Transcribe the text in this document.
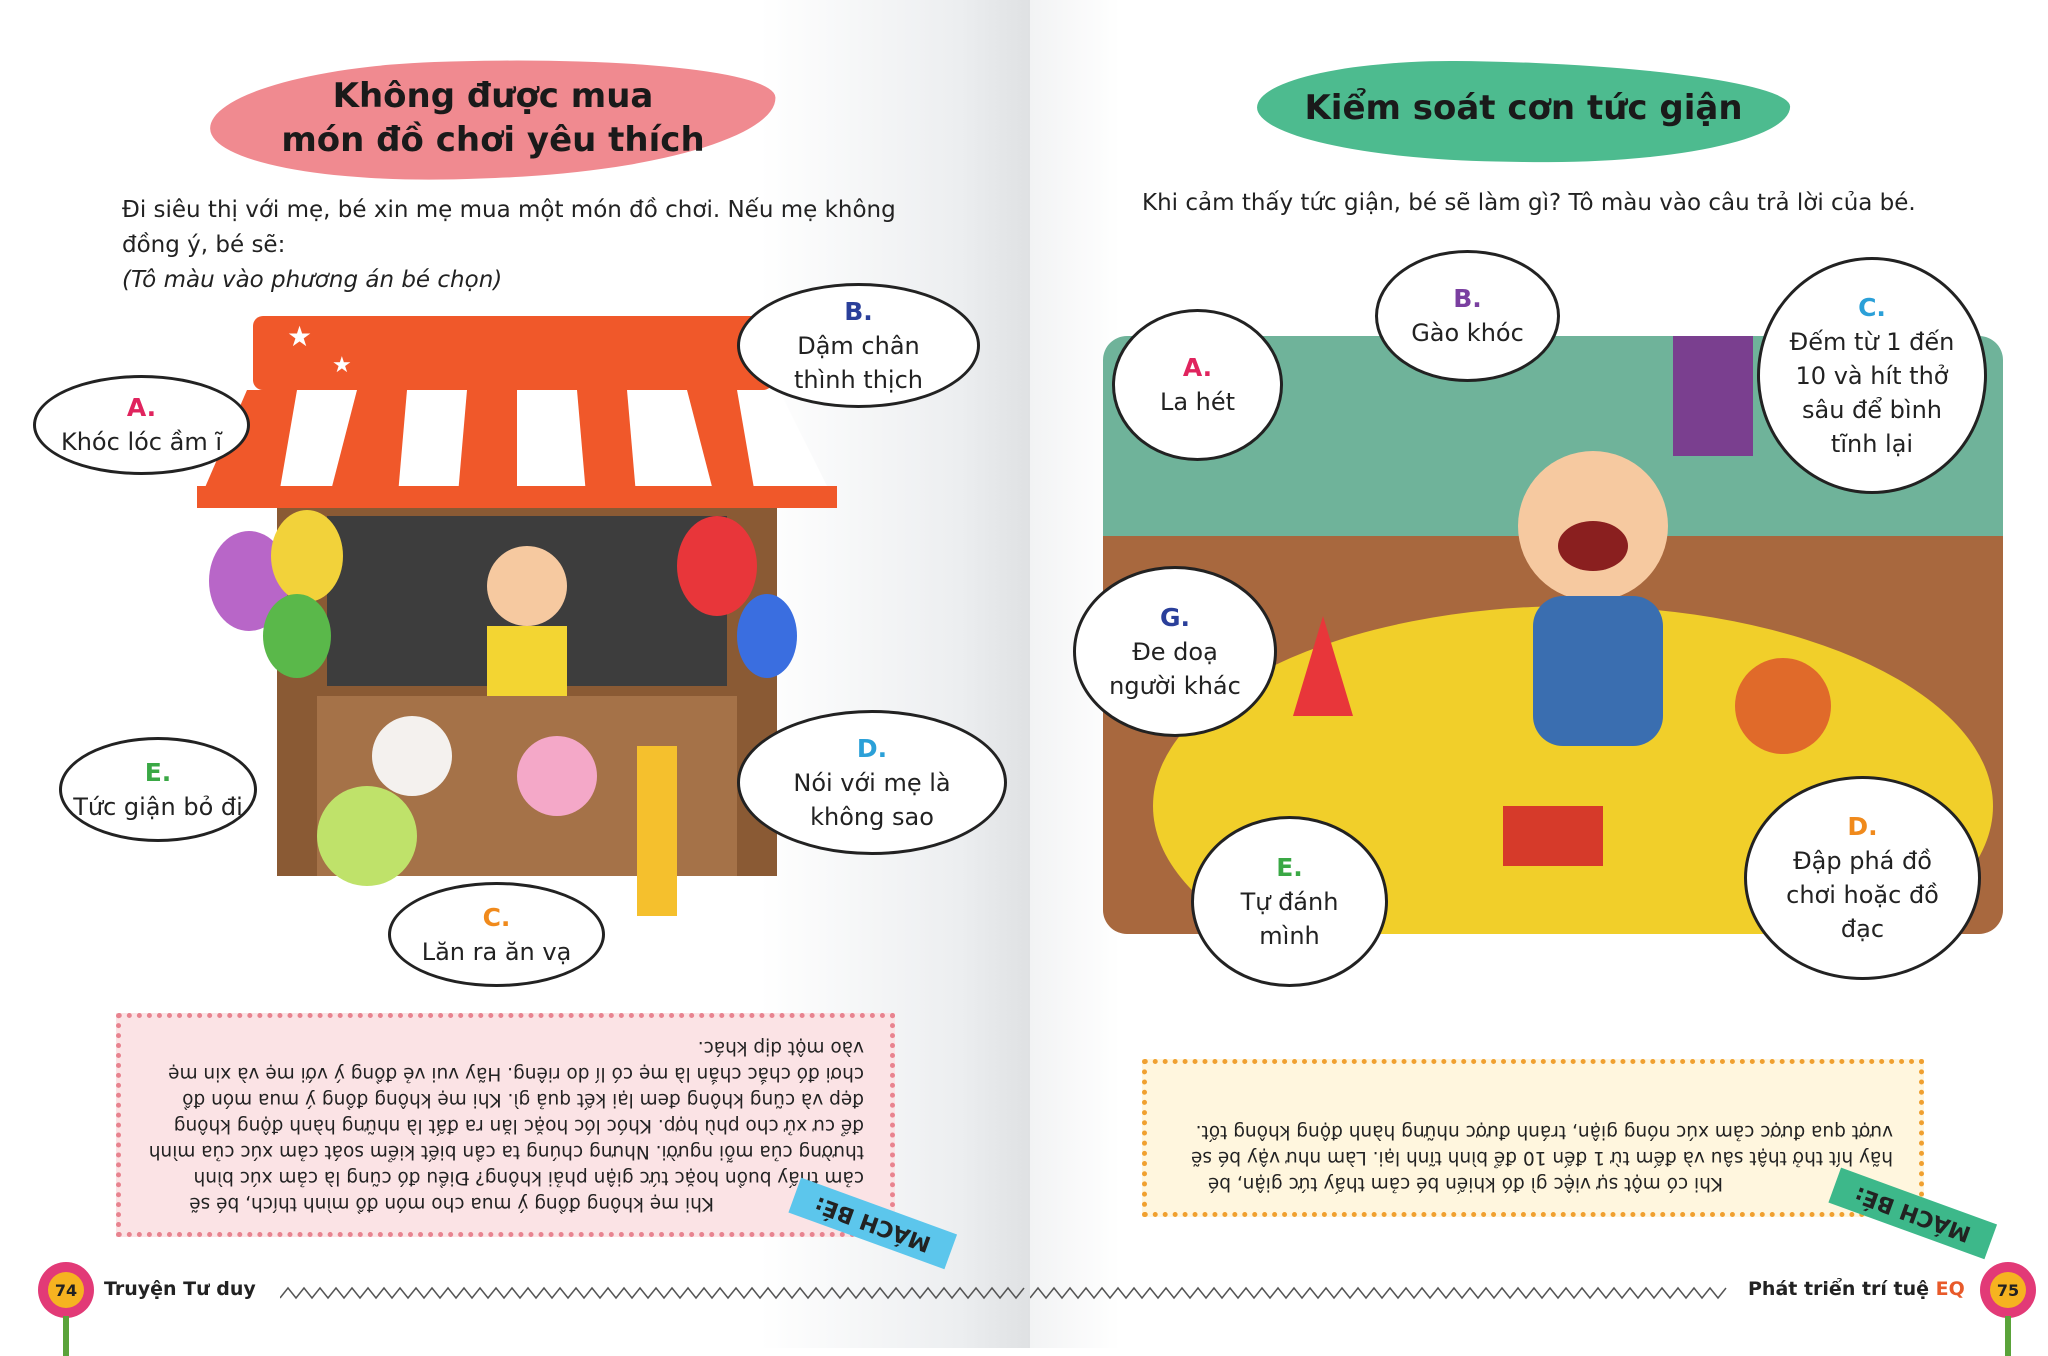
Không được mua
món đồ chơi yêu thích
Đi siêu thị với mẹ, bé xin mẹ mua một món đồ chơi. Nếu mẹ không
đồng ý, bé sẽ:
(Tô màu vào phương án bé chọn)
★
★
A.
Khóc lóc ầm ĩ
B.
Dậm chân thình thịch
E.
Tức giận bỏ đi
D.
Nói với mẹ là không sao
C.
Lăn ra ăn vạ
Khi mẹ không đồng ý mua cho món đồ mình thích, bé sẽ cảm thấy buồn hoặc tức giận phải không? Điều đó cũng là cảm xúc bình thường của mỗi người. Nhưng chúng ta cần biết kiểm soát cảm xúc của mình để cư xử cho phù hợp. Khóc lóc hoặc lăn ra đất là những hành động không đẹp và cũng không đem lại kết quả gì. Khi mẹ không đồng ý mua món đồ chơi đó chắc chắn là mẹ có lí do riêng. Hãy vui vẻ đồng ý với mẹ và xin mẹ vào một dịp khác.
MÁCH BÉ:
74	Truyện Tư duy
Kiểm soát cơn tức giận
Khi cảm thấy tức giận, bé sẽ làm gì? Tô màu vào câu trả lời của bé.
A.
La hét
B.
Gào khóc
C.
Đếm từ 1 đến 10 và hít thở sâu để bình tĩnh lại
G.
Đe doạ người khác
E.
Tự đánh mình
D.
Đập phá đồ chơi hoặc đồ đạc
Khi có một sự việc gì đó khiến bé cảm thấy tức giận, bé hãy hít thở thật sâu và đếm từ 1 đến 10 để bình tĩnh lại. Làm như vậy bé sẽ vượt qua được cảm xúc nóng giận, tránh được những hành động không tốt.
MÁCH BÉ:
Phát triển trí tuệ EQ	75
